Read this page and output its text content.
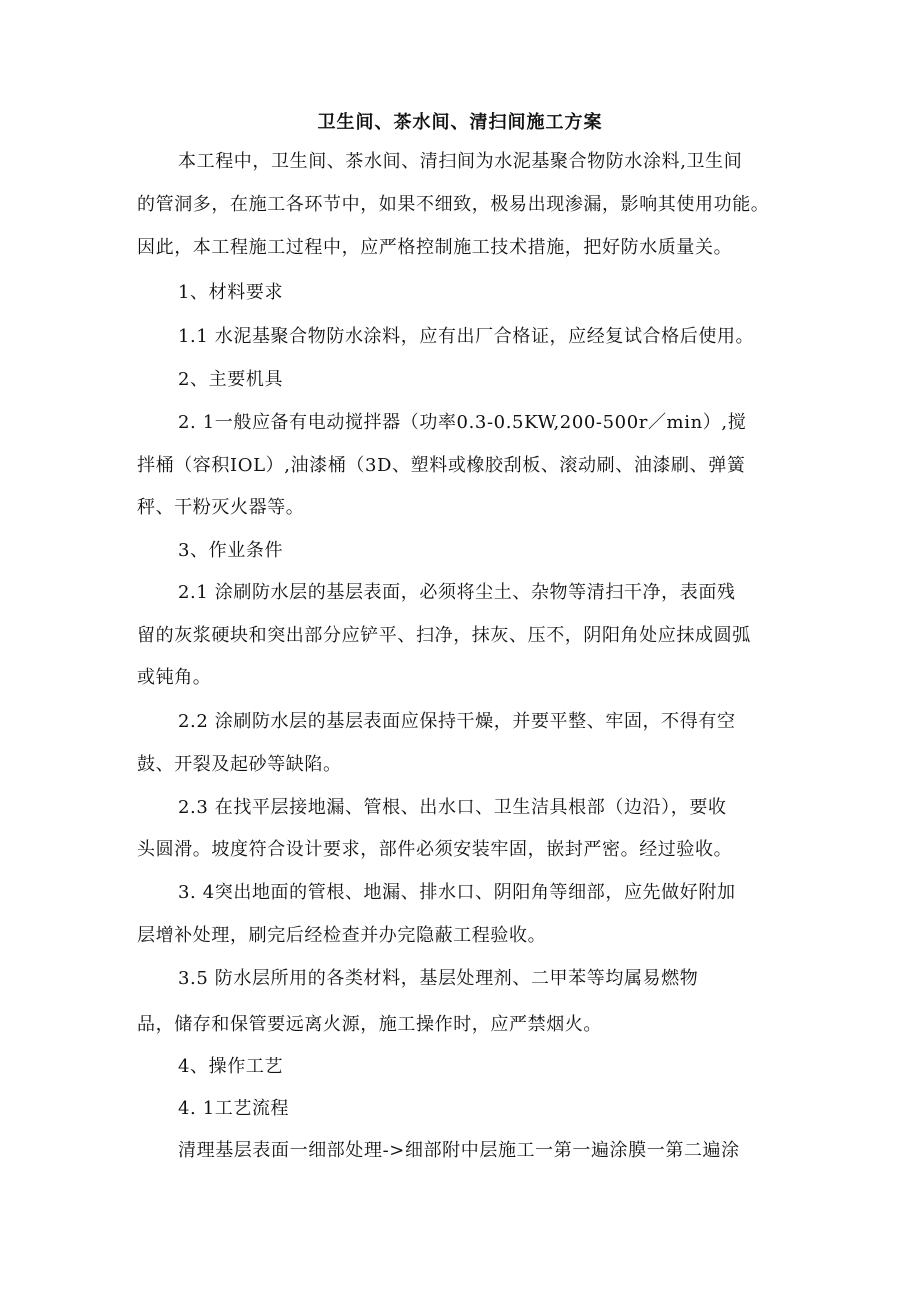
卫生间、茶水间、清扫间施工方案
本工程中，卫生间、茶水间、清扫间为水泥基聚合物防水涂料,卫生间
的管洞多，在施工各环节中，如果不细致，极易出现渗漏，影响其使用功能。
因此，本工程施工过程中，应严格控制施工技术措施，把好防水质量关。
1、材料要求
1.1 水泥基聚合物防水涂料，应有出厂合格证，应经复试合格后使用。
2、主要机具
2. 1一般应备有电动搅拌器（功率0.3-0.5KW,200-500r／min）,搅
拌桶（容积IOL）,油漆桶（3D、塑料或橡胶刮板、滚动刷、油漆刷、弹簧
秤、干粉灭火器等。
3、作业条件
2.1 涂刷防水层的基层表面，必须将尘土、杂物等清扫干净，表面残
留的灰浆硬块和突出部分应铲平、扫净，抹灰、压不，阴阳角处应抹成圆弧
或钝角。
2.2 涂刷防水层的基层表面应保持干燥，并要平整、牢固，不得有空
鼓、开裂及起砂等缺陷。
2.3 在找平层接地漏、管根、出水口、卫生洁具根部（边沿），要收
头圆滑。坡度符合设计要求，部件必须安装牢固，嵌封严密。经过验收。
3. 4突出地面的管根、地漏、排水口、阴阳角等细部，应先做好附加
层增补处理，刷完后经检查并办完隐蔽工程验收。
3.5 防水层所用的各类材料，基层处理剂、二甲苯等均属易燃物
品，储存和保管要远离火源，施工操作时，应严禁烟火。
4、操作工艺
4. 1工艺流程
清理基层表面一细部处理->细部附中层施工一第一遍涂膜一第二遍涂
